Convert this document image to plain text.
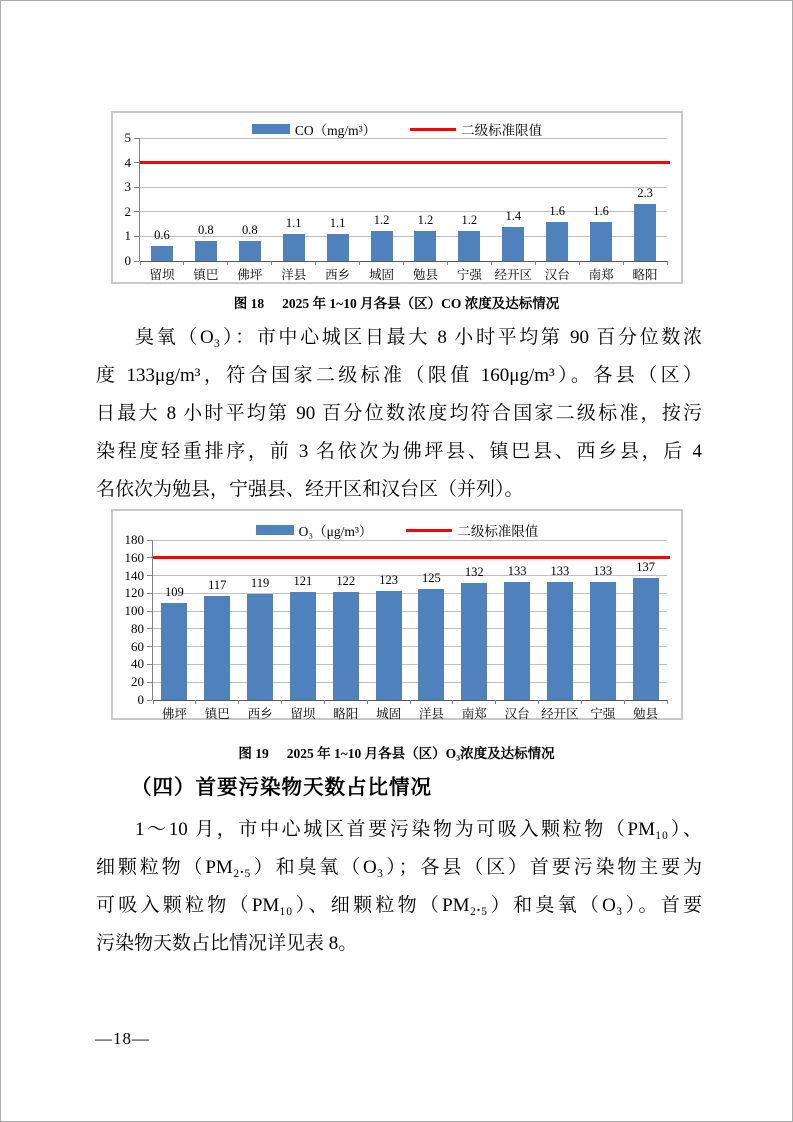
CO（mg/m³）	二级标准限值
0
1
2
3
4
5
0.6
留坝
0.8
镇巴
0.8
佛坪
1.1
洋县
1.1
西乡
1.2
城固
1.2
勉县
1.2
宁强
1.4
经开区
1.6
汉台
1.6
南郑
2.3
略阳
图 18 2025 年 1~10 月各县（区）CO 浓度及达标情况
臭氧（O₃）：市中心城区日最大 8 小时平均第 90 百分位数浓
度 133μg/m³，符合国家二级标准（限值 160μg/m³）。各县（区）
日最大 8 小时平均第 90 百分位数浓度均符合国家二级标准，按污
染程度轻重排序，前 3 名依次为佛坪县、镇巴县、西乡县，后 4
名依次为勉县，宁强县、经开区和汉台区（并列）。
O₃（μg/m³）	二级标准限值
0
20
40
60
80
100
120
140
160
180
109
佛坪
117
镇巴
119
西乡
121
留坝
122
略阳
123
城固
125
洋县
132
南郑
133
汉台
133
经开区
133
宁强
137
勉县
图 19 2025 年 1~10 月各县（区）O₃浓度及达标情况
（四）首要污染物天数占比情况
1～10 月，市中心城区首要污染物为可吸入颗粒物（PM₁₀）、
细颗粒物（PM₂.₅）和臭氧（O₃）；各县（区）首要污染物主要为
可吸入颗粒物（PM₁₀）、细颗粒物（PM₂.₅）和臭氧（O₃）。首要
污染物天数占比情况详见表 8。
—18—
